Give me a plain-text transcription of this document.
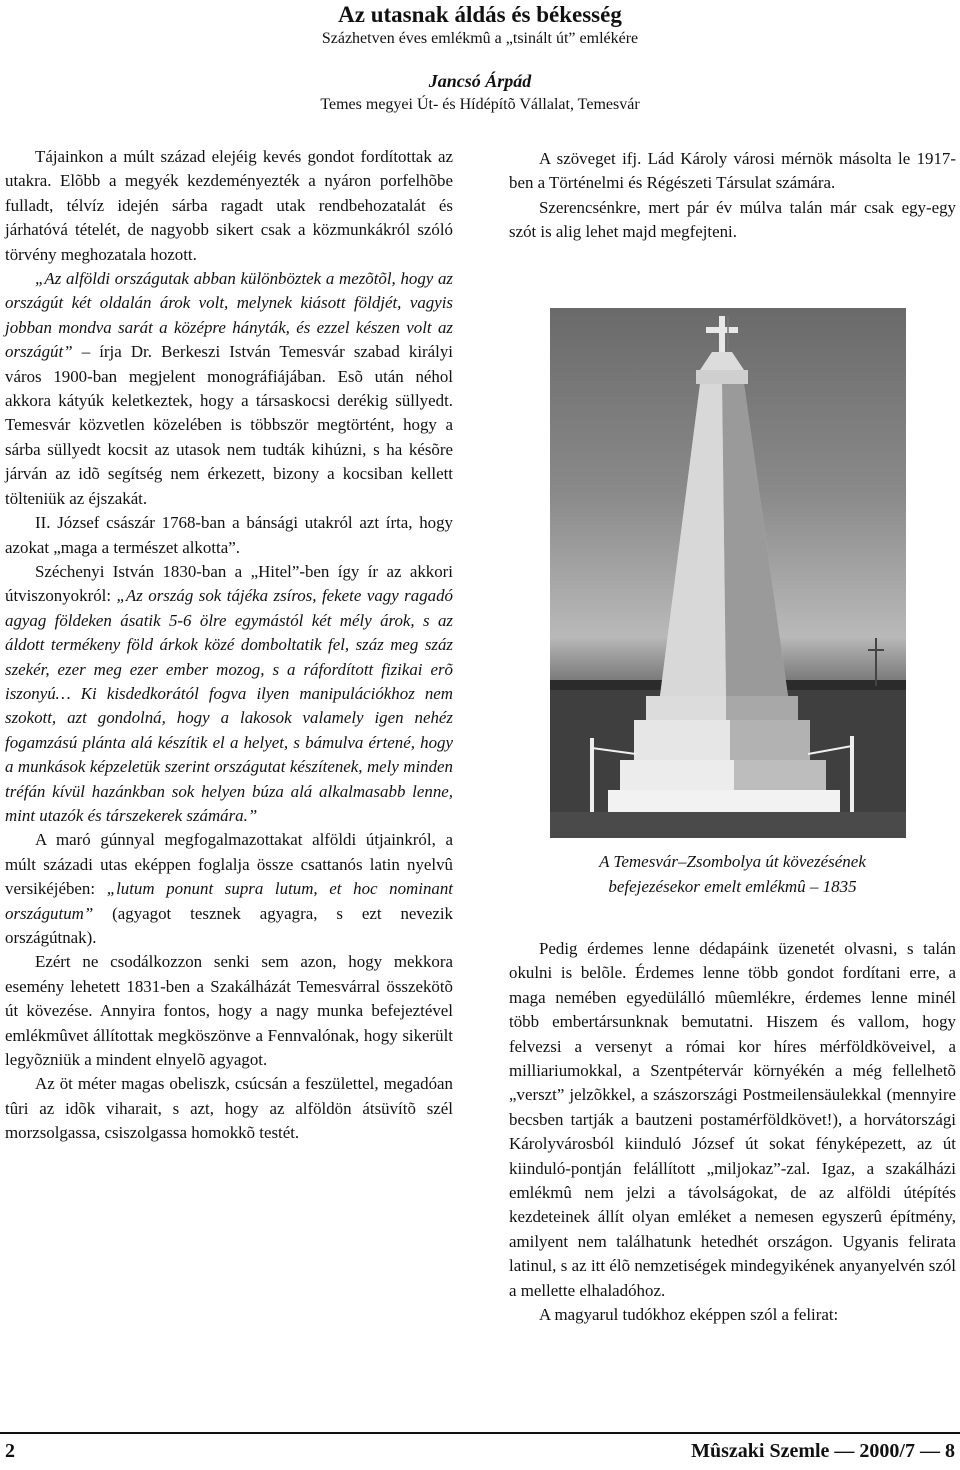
Az utasnak áldás és békesség
Százhetven éves emlékmû a „tsinált út” emlékére
Jancsó Árpád
Temes megyei Út- és Hídépítõ Vállalat, Temesvár

Tájainkon a múlt század elejéig kevés gondot fordítottak az utakra. Elõbb a megyék kezdeményezték a nyáron porfelhõbe fulladt, télvíz idején sárba ragadt utak rendbehozatalát és járhatóvá tételét, de nagyobb sikert csak a közmunkákról szóló törvény meghozatala hozott.

„Az alföldi országutak abban különböztek a mezõtõl, hogy az országút két oldalán árok volt, melynek kiásott földjét, vagyis jobban mondva sarát a középre hányták, és ezzel készen volt az országút” – írja Dr. Berkeszi István Temesvár szabad királyi város 1900-ban megjelent monográfiájában. Esõ után néhol akkora kátyúk keletkeztek, hogy a társaskocsi derékig süllyedt. Temesvár közvetlen közelében is többször megtörtént, hogy a sárba süllyedt kocsit az utasok nem tudták kihúzni, s ha késõre járván az idõ segítség nem érkezett, bizony a kocsiban kellett tölteniük az éjszakát.

II. József császár 1768-ban a bánsági utakról azt írta, hogy azokat „maga a természet alkotta”.

Széchenyi István 1830-ban a „Hitel”-ben így ír az akkori útviszonyokról: „Az ország sok tájéka zsíros, fekete vagy ragadó agyag földeken ásatik 5-6 ölre egymástól két mély árok, s az áldott termékeny föld árkok közé domboltatik fel, száz meg száz szekér, ezer meg ezer ember mozog, s a ráfordított fizikai erõ iszonyú… Ki kisdedkorától fogva ilyen manipulációkhoz nem szokott, azt gondolná, hogy a lakosok valamely igen nehéz fogamzású plánta alá készítik el a helyet, s bámulva értené, hogy a munkások képzeletük szerint országutat készítenek, mely minden tréfán kívül hazánkban sok helyen búza alá alkalmasabb lenne, mint utazók és társzekerek számára.”

A maró gúnnyal megfogalmazottakat alföldi útjainkról, a múlt századi utas eképpen foglalja össze csattanós latin nyelvû versikéjében: „lutum ponunt supra lutum, et hoc nominant országutum” (agyagot tesznek agyagra, s ezt nevezik országútnak).

Ezért ne csodálkozzon senki sem azon, hogy mekkora esemény lehetett 1831-ben a Szakálházát Temesvárral összekötõ út kövezése. Annyira fontos, hogy a nagy munka befejeztével emlékmûvet állítottak megköszönve a Fennvalónak, hogy sikerült legyõzniük a mindent elnyelõ agyagot.

Az öt méter magas obeliszk, csúcsán a feszülettel, megadóan tûri az idõk viharait, s azt, hogy az alföldön átsüvítõ szél morzsolgassa, csiszolgassa homokkõ testét.

A szöveget ifj. Lád Károly városi mérnök másolta le 1917-ben a Történelmi és Régészeti Társulat számára.

Szerencsénkre, mert pár év múlva talán már csak egy-egy szót is alig lehet majd megfejteni.

A Temesvár–Zsombolya út kövezésének
befejezésekor emelt emlékmû – 1835

Pedig érdemes lenne dédapáink üzenetét olvasni, s talán okulni is belõle. Érdemes lenne több gondot fordítani erre, a maga nemében egyedülálló mûemlékre, érdemes lenne minél több embertársunknak bemutatni. Hiszem és vallom, hogy felvezsi a versenyt a római kor híres mérföldköveivel, a milliariumokkal, a Szentpétervár környékén a még fellelhetõ „verszt” jelzõkkel, a szászországi Postmeilensäulekkal (mennyire becsben tartják a bautzeni postamérföldkövet!), a horvátországi Károlyvárosból kiinduló József út sokat fényképezett, az út kiinduló-pontján felállított „miljokaz”-zal. Igaz, a szakálházi emlékmû nem jelzi a távolságokat, de az alföldi útépítés kezdeteinek állít olyan emléket a nemesen egyszerû építmény, amilyent nem találhatunk hetedhét országon. Ugyanis felirata latinul, s az itt élõ nemzetiségek mindegyikének anyanyelvén szól a mellette elhaladóhoz.

A magyarul tudókhoz eképpen szól a felirat:

2	Mûszaki Szemle — 2000/7 — 8
